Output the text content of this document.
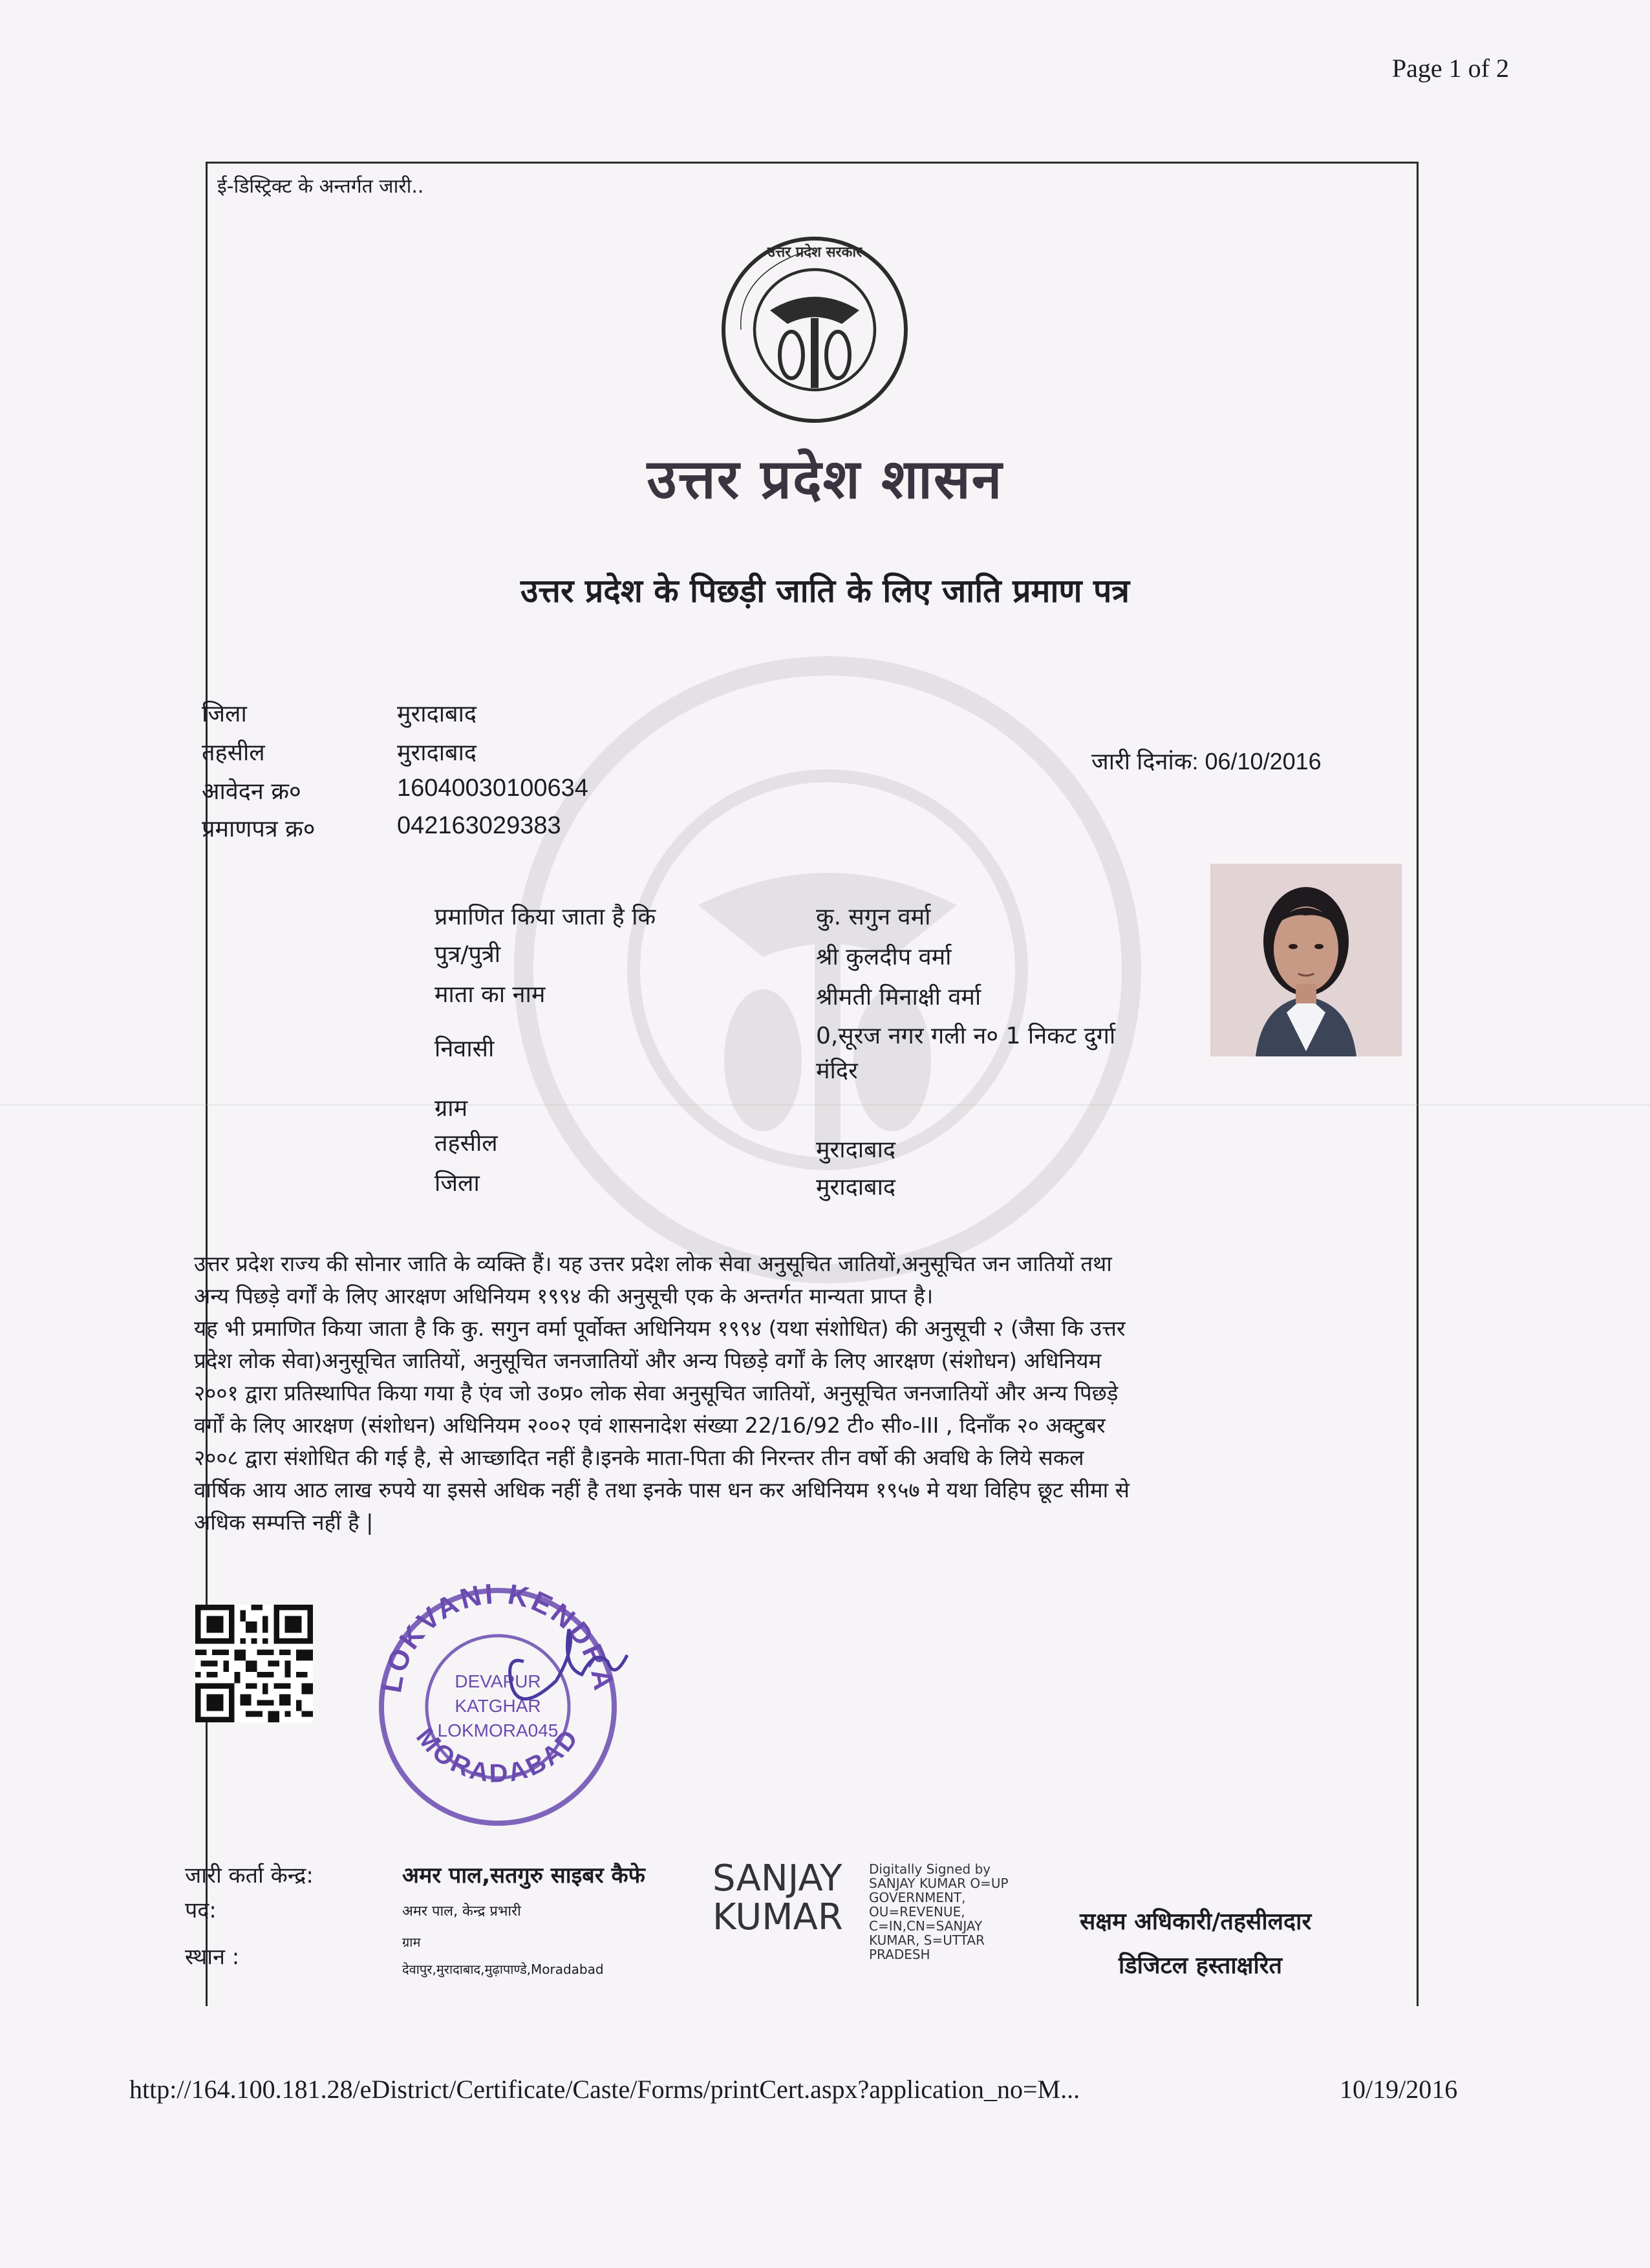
Page 1 of 2
ई-डिस्ट्रिक्ट के अन्तर्गत जारी..
उत्तर प्रदेश सरकार
उत्तर प्रदेश शासन
उत्तर प्रदेश के पिछड़ी जाति के लिए जाति प्रमाण पत्र
जिला	मुरादाबाद
तहसील	मुरादाबाद
आवेदन क्र०	16040030100634
प्रमाणपत्र क्र०	042163029383
जारी दिनांक: 06/10/2016
प्रमाणित किया जाता है कि	कु. सगुन वर्मा
पुत्र/पुत्री	श्री कुलदीप वर्मा
माता का नाम	श्रीमती मिनाक्षी वर्मा
निवासी	0,सूरज नगर गली न० 1 निकट दुर्गा
मंदिर
ग्राम
तहसील	मुरादाबाद
जिला	मुरादाबाद
उत्तर प्रदेश राज्य की सोनार जाति के व्यक्ति हैं। यह उत्तर प्रदेश लोक सेवा अनुसूचित जातियों,अनुसूचित जन जातियों तथा
अन्य पिछड़े वर्गों के लिए आरक्षण अधिनियम १९९४ की अनुसूची एक के अन्तर्गत मान्यता प्राप्त है।
यह भी प्रमाणित किया जाता है कि कु. सगुन वर्मा पूर्वोक्त अधिनियम १९९४ (यथा संशोधित) की अनुसूची २ (जैसा कि उत्तर
प्रदेश लोक सेवा)अनुसूचित जातियों, अनुसूचित जनजातियों और अन्य पिछड़े वर्गों के लिए आरक्षण (संशोधन) अधिनियम
२००१ द्वारा प्रतिस्थापित किया गया है एंव जो उ०प्र० लोक सेवा अनुसूचित जातियों, अनुसूचित जनजातियों और अन्य पिछड़े
वर्गों के लिए आरक्षण (संशोधन) अधिनियम २००२ एवं शासनादेश संख्या 22/16/92 टी० सी०-III , दिनाँक २० अक्टुबर
२००८ द्वारा संशोधित की गई है, से आच्छादित नहीं है।इनके माता-पिता की निरन्तर तीन वर्षो की अवधि के लिये सकल
वार्षिक आय आठ लाख रुपये या इससे अधिक नहीं है तथा इनके पास धन कर अधिनियम १९५७ मे यथा विहिप छूट सीमा से
अधिक सम्पत्ति नहीं है |
LOKVANI KENDRA
MORADABAD
DEVAPUR
KATGHAR
LOKMORA045
जारी कर्ता केन्द्र:	अमर पाल,सतगुरु साइबर कैफे
पद:	अमर पाल, केन्द्र प्रभारी
ग्राम
स्थान :	देवापुर,मुरादाबाद,मुढ़ापाण्डे,Moradabad
SANJAY
KUMAR
Digitally Signed by
SANJAY KUMAR O=UP
GOVERNMENT,
OU=REVENUE,
C=IN,CN=SANJAY
KUMAR, S=UTTAR
PRADESH
सक्षम अधिकारी/तहसीलदार
डिजिटल हस्ताक्षरित
http://164.100.181.28/eDistrict/Certificate/Caste/Forms/printCert.aspx?application_no=M...	10/19/2016
